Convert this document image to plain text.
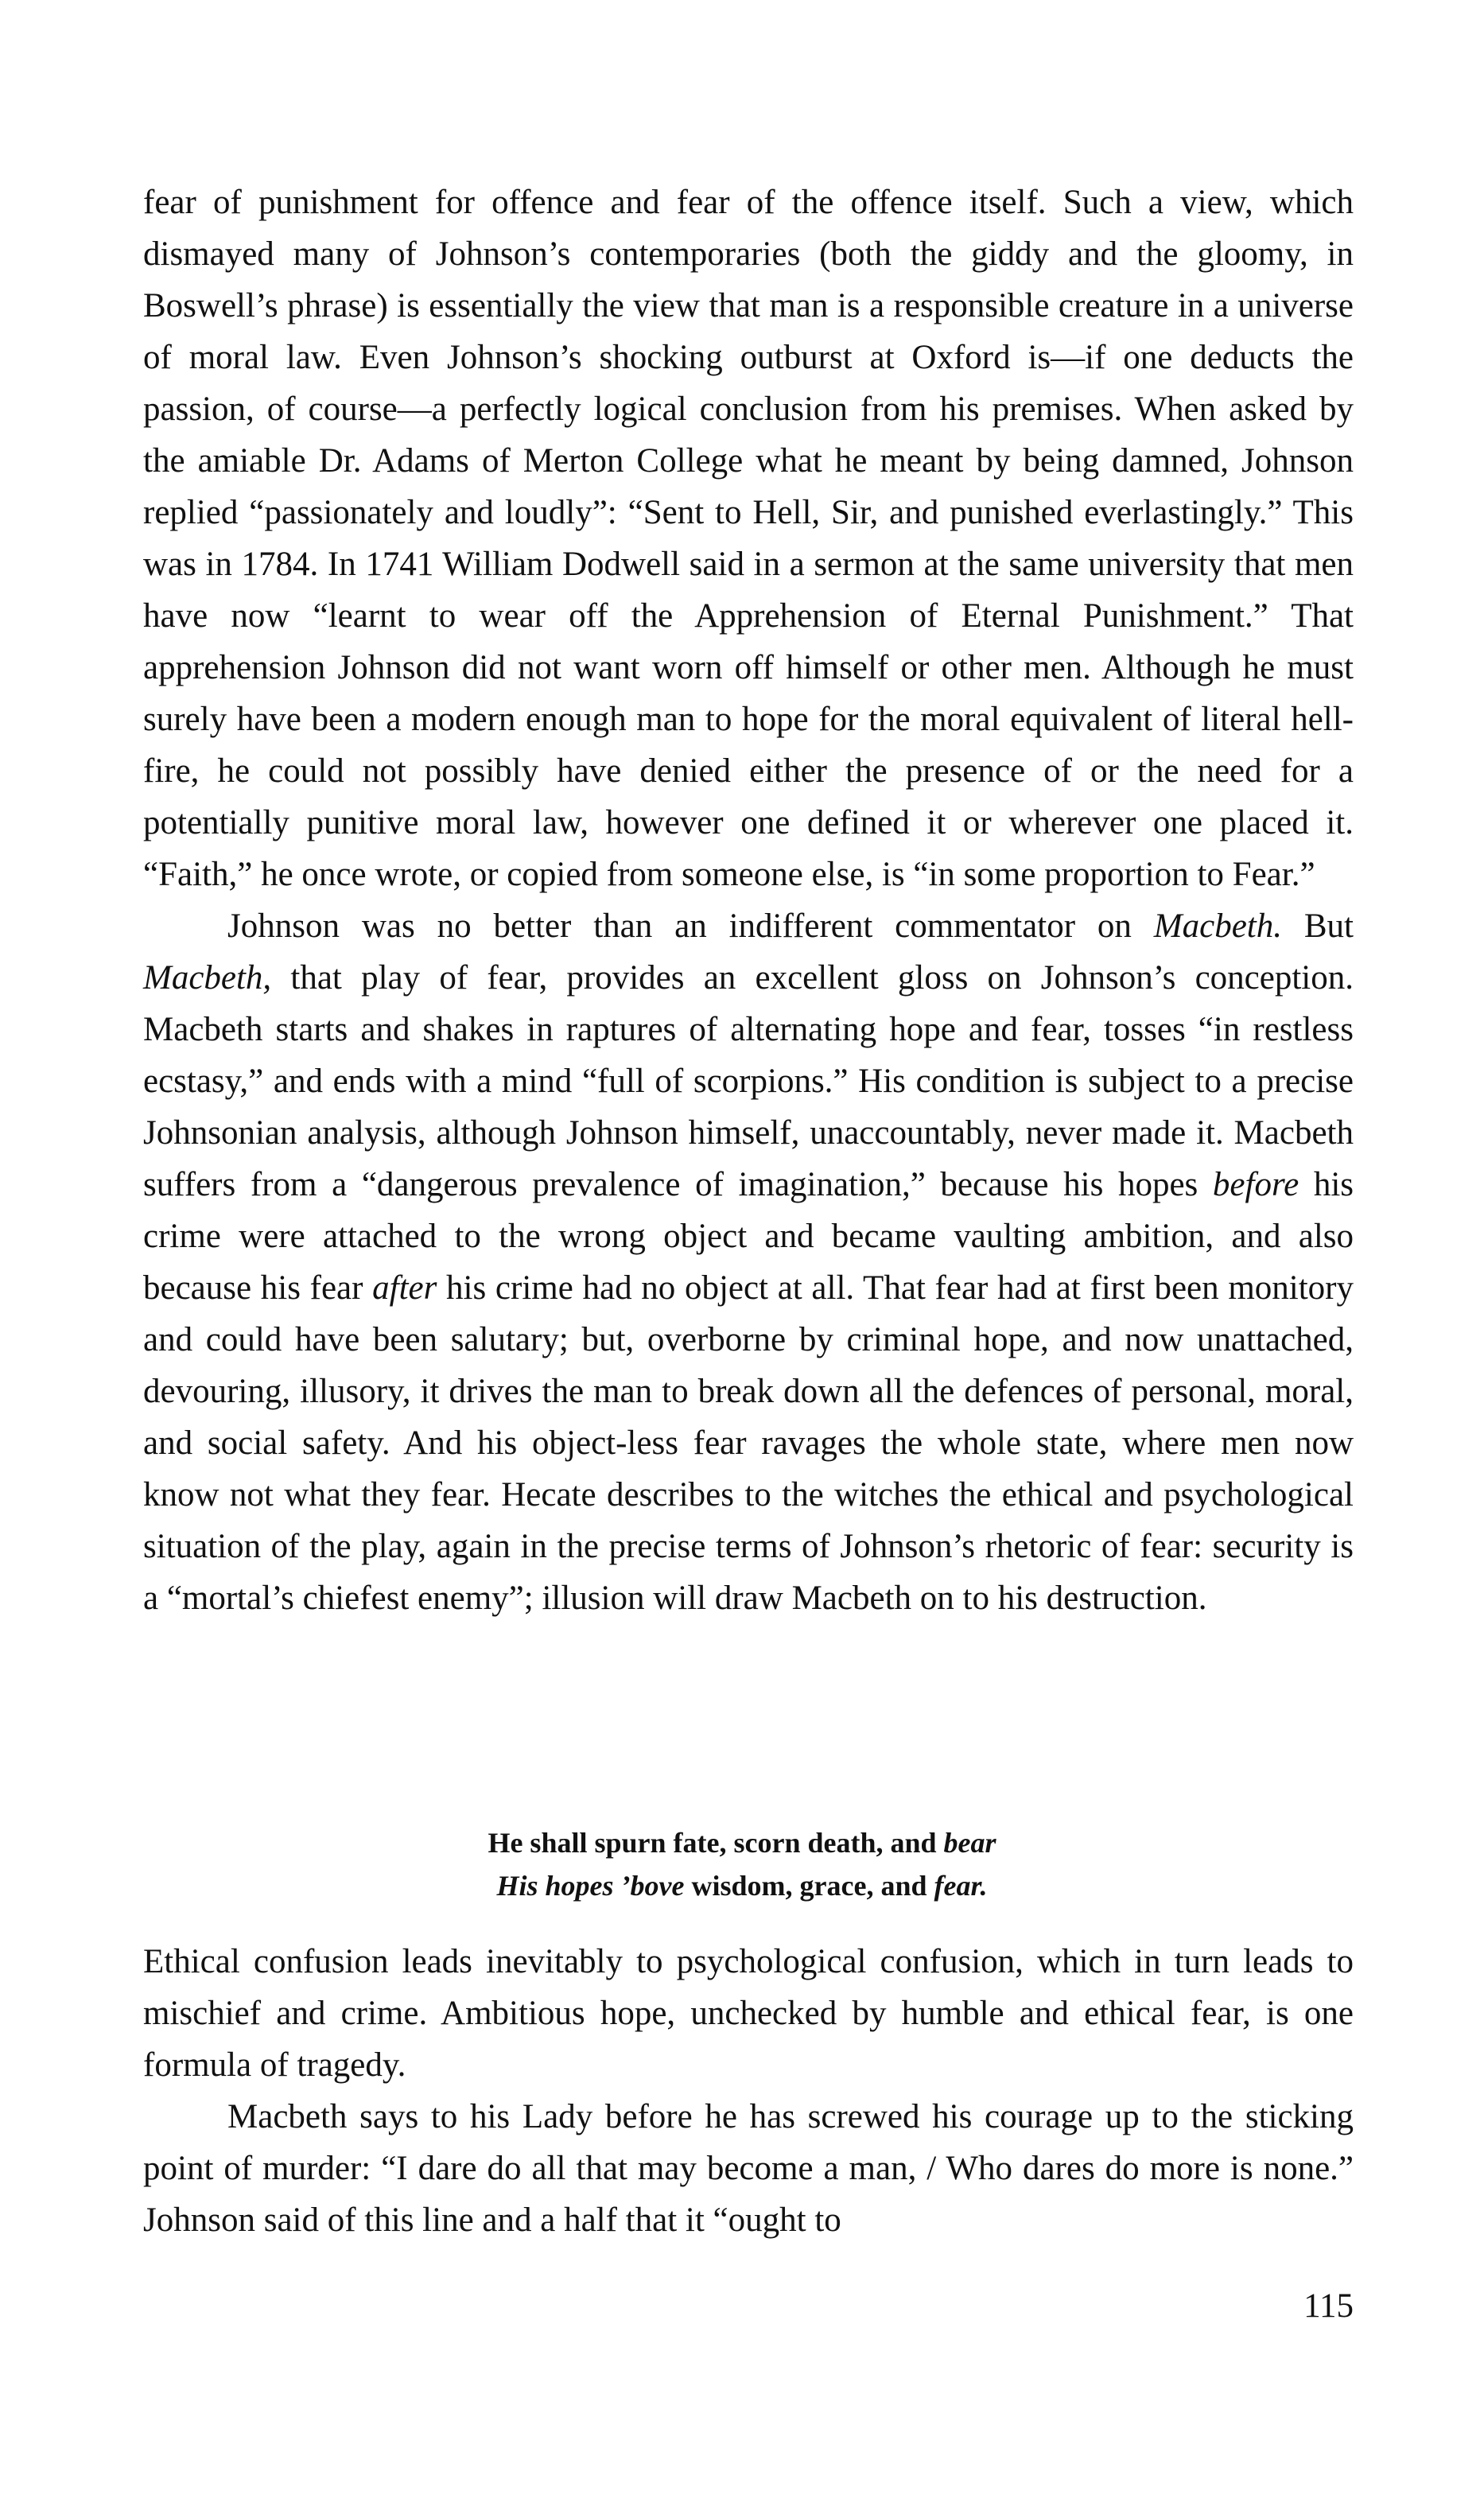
fear of punishment for offence and fear of the offence itself. Such a view, which dismayed many of Johnson’s contemporaries (both the giddy and the gloomy, in Boswell’s phrase) is essentially the view that man is a responsible creature in a universe of moral law. Even Johnson’s shocking outburst at Oxford is—if one deducts the passion, of course—a perfectly logical conclusion from his premises. When asked by the amiable Dr. Adams of Merton College what he meant by being damned, Johnson replied “passionately and loudly”: “Sent to Hell, Sir, and punished everlastingly.” This was in 1784. In 1741 William Dodwell said in a sermon at the same university that men have now “learnt to wear off the Apprehension of Eternal Punishment.” That apprehension Johnson did not want worn off himself or other men. Although he must surely have been a modern enough man to hope for the moral equivalent of literal hell-fire, he could not possibly have denied either the presence of or the need for a potentially punitive moral law, however one defined it or wherever one placed it. “Faith,” he once wrote, or copied from someone else, is “in some proportion to Fear.”

Johnson was no better than an indifferent commentator on Macbeth. But Macbeth, that play of fear, provides an excellent gloss on Johnson’s conception. Macbeth starts and shakes in raptures of alternating hope and fear, tosses “in restless ecstasy,” and ends with a mind “full of scorpions.” His condition is subject to a precise Johnsonian analysis, although Johnson himself, unaccountably, never made it. Macbeth suffers from a “dangerous prevalence of imagination,” because his hopes before his crime were attached to the wrong object and became vaulting ambition, and also because his fear after his crime had no object at all. That fear had at first been monitory and could have been salutary; but, overborne by criminal hope, and now unattached, devouring, illusory, it drives the man to break down all the defences of personal, moral, and social safety. And his object-less fear ravages the whole state, where men now know not what they fear. Hecate describes to the witches the ethical and psychological situation of the play, again in the precise terms of Johnson’s rhetoric of fear: security is a “mortal’s chiefest enemy”; illusion will draw Macbeth on to his destruction.

He shall spurn fate, scorn death, and bear
His hopes ’bove wisdom, grace, and fear.

Ethical confusion leads inevitably to psychological confusion, which in turn leads to mischief and crime. Ambitious hope, unchecked by humble and ethical fear, is one formula of tragedy.

Macbeth says to his Lady before he has screwed his courage up to the sticking point of murder: “I dare do all that may become a man, / Who dares do more is none.” Johnson said of this line and a half that it “ought to

115
